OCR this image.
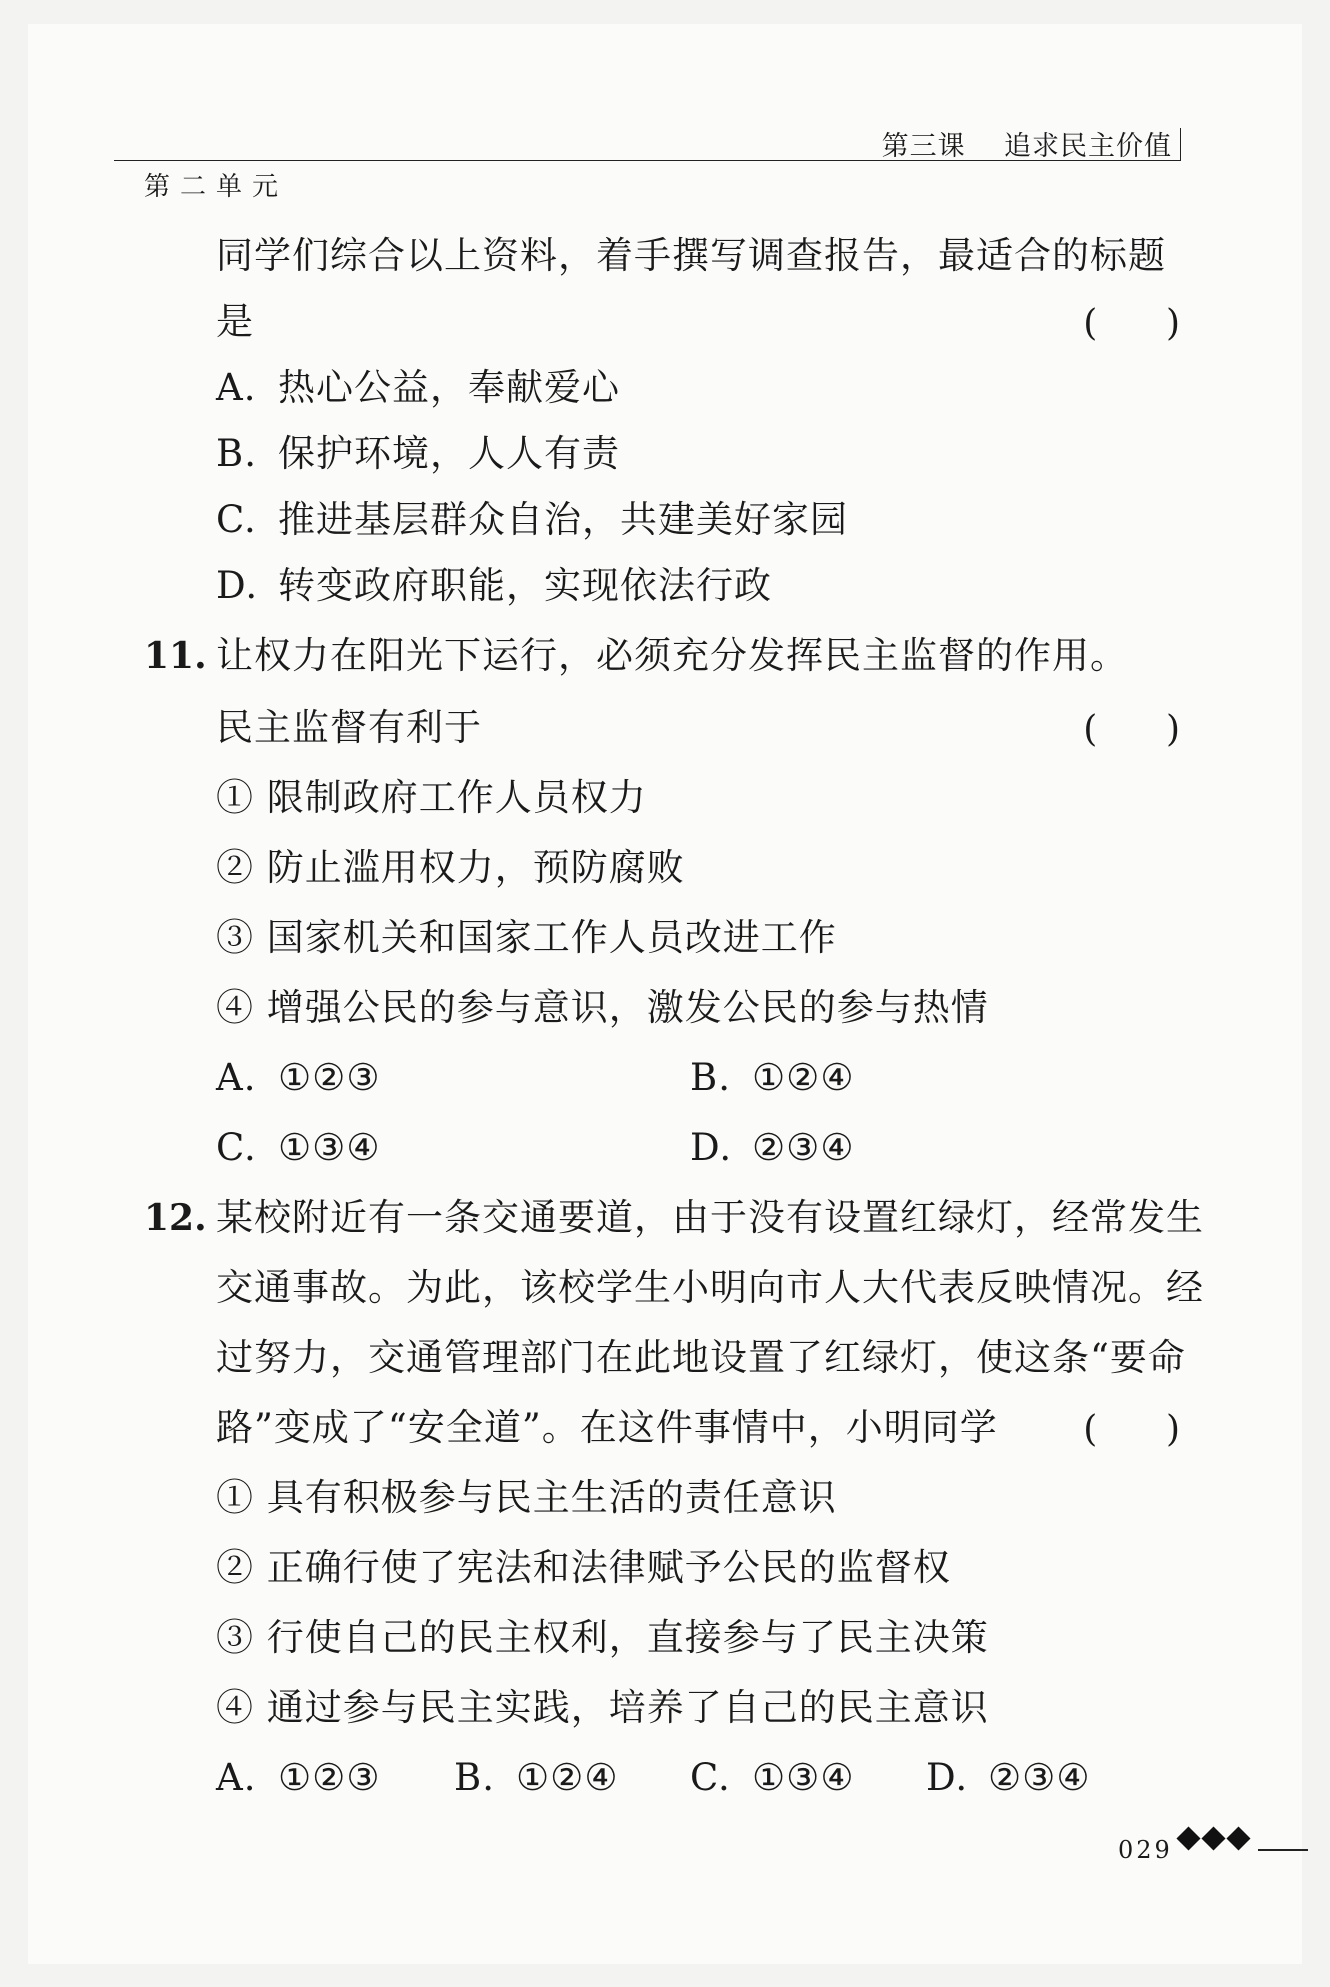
第三课    追求民主价值
第二单元
同学们综合以上资料，着手撰写调查报告，最适合的标题
是	(      )
A. 热心公益，奉献爱心
B. 保护环境，人人有责
C. 推进基层群众自治，共建美好家园
D. 转变政府职能，实现依法行政
11. 让权力在阳光下运行，必须充分发挥民主监督的作用。
民主监督有利于	(      )
① 限制政府工作人员权力
② 防止滥用权力，预防腐败
③ 国家机关和国家工作人员改进工作
④ 增强公民的参与意识，激发公民的参与热情
A. ①②③	B. ①②④
C. ①③④	D. ②③④
12. 某校附近有一条交通要道，由于没有设置红绿灯，经常发生
交通事故。为此，该校学生小明向市人大代表反映情况。经
过努力，交通管理部门在此地设置了红绿灯，使这条“要命
路”变成了“安全道”。在这件事情中，小明同学 (      )
① 具有积极参与民主生活的责任意识
② 正确行使了宪法和法律赋予公民的监督权
③ 行使自己的民主权利，直接参与了民主决策
④ 通过参与民主实践，培养了自己的民主意识
A. ①②③ B. ①②④ C. ①③④ D. ②③④
029
